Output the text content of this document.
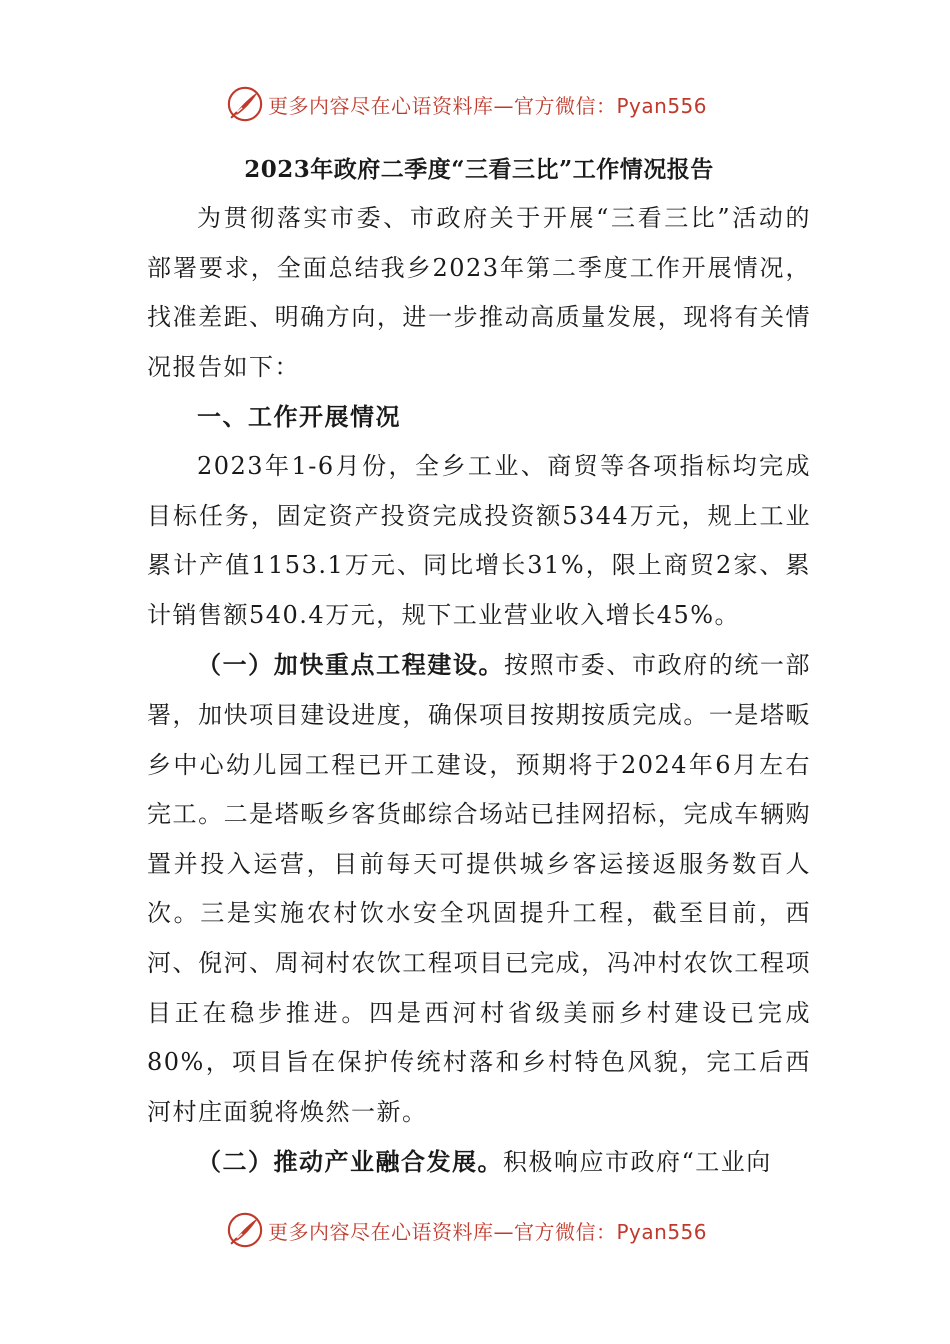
更多内容尽在心语资料库—官方微信：Pyan556
2023年政府二季度“三看三比”工作情况报告

为贯彻落实市委、市政府关于开展“三看三比”活动的部署要求，全面总结我乡2023年第二季度工作开展情况，找准差距、明确方向，进一步推动高质量发展，现将有关情况报告如下：

一、工作开展情况

2023年1-6月份，全乡工业、商贸等各项指标均完成目标任务，固定资产投资完成投资额5344万元，规上工业累计产值1153.1万元、同比增长31%，限上商贸2家、累计销售额540.4万元，规下工业营业收入增长45%。

（一）加快重点工程建设。按照市委、市政府的统一部署，加快项目建设进度，确保项目按期按质完成。一是塔畈乡中心幼儿园工程已开工建设，预期将于2024年6月左右完工。二是塔畈乡客货邮综合场站已挂网招标，完成车辆购置并投入运营，目前每天可提供城乡客运接返服务数百人次。三是实施农村饮水安全巩固提升工程，截至目前，西河、倪河、周祠村农饮工程项目已完成，冯冲村农饮工程项目正在稳步推进。四是西河村省级美丽乡村建设已完成80%，项目旨在保护传统村落和乡村特色风貌，完工后西河村庄面貌将焕然一新。

（二）推动产业融合发展。积极响应市政府“工业向

更多内容尽在心语资料库—官方微信：Pyan556
